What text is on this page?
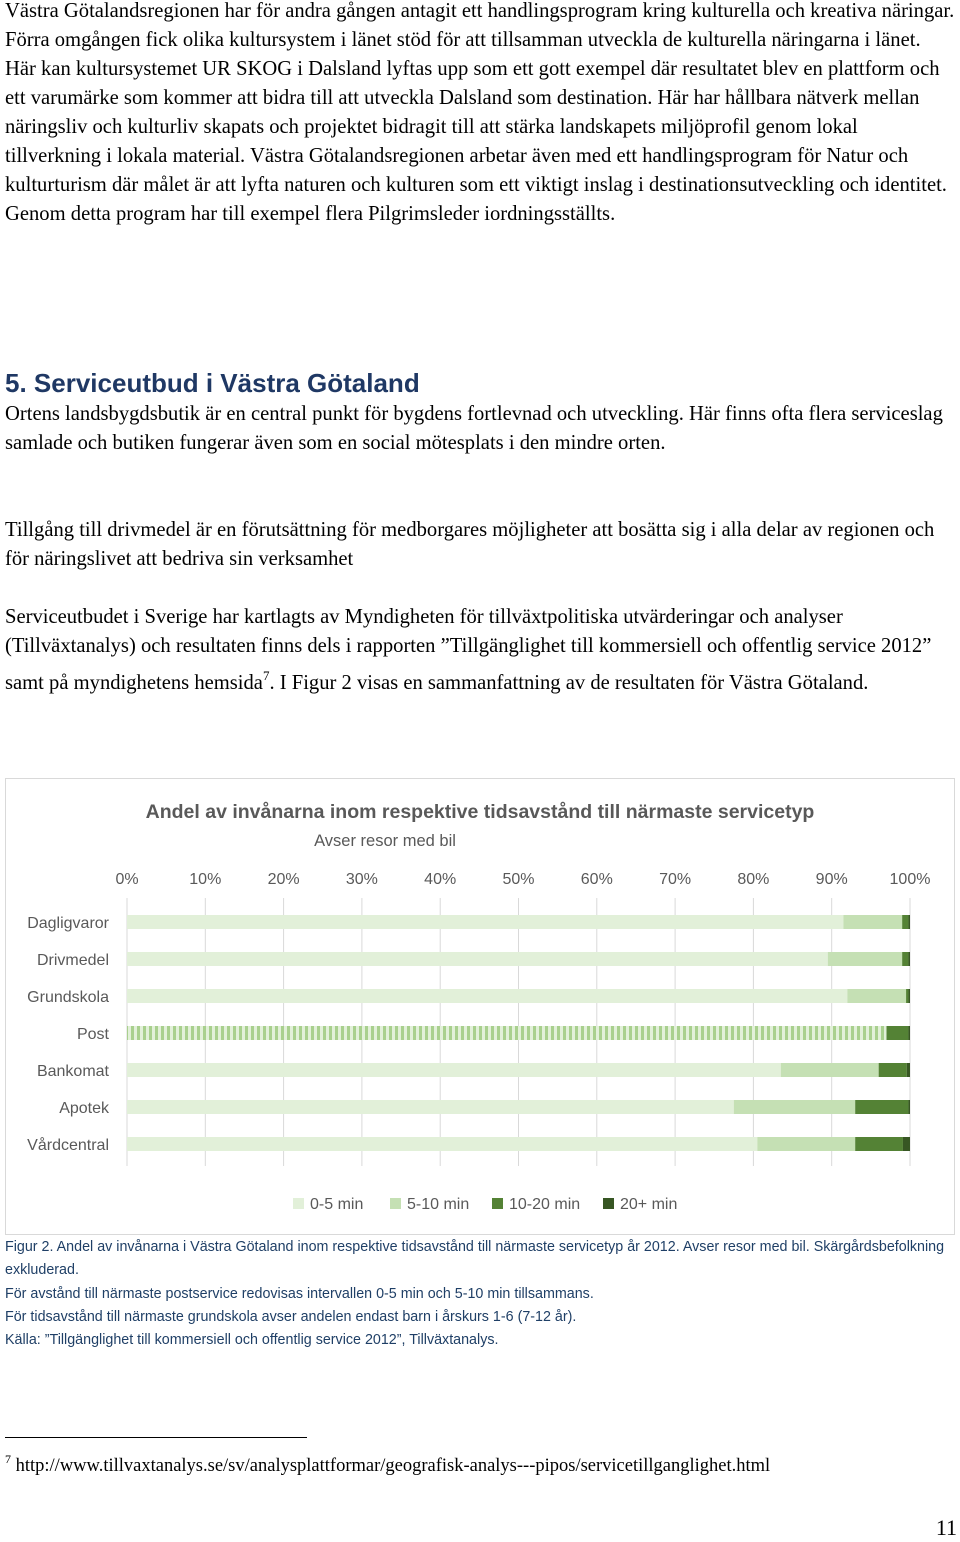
Västra Götalandsregionen har för andra gången antagit ett handlingsprogram kring kulturella och kreativa näringar. Förra omgången fick olika kultursystem i länet stöd för att tillsamman utveckla de kulturella näringarna i länet. Här kan kultursystemet UR SKOG i Dalsland lyftas upp som ett gott exempel där resultatet blev en plattform och ett varumärke som kommer att bidra till att utveckla Dalsland som destination. Här har hållbara nätverk mellan näringsliv och kulturliv skapats och projektet bidragit till att stärka landskapets miljöprofil genom lokal tillverkning i lokala material. Västra Götalandsregionen arbetar även med ett handlingsprogram för Natur och kulturturism där målet är att lyfta naturen och kulturen som ett viktigt inslag i destinationsutveckling och identitet. Genom detta program har till exempel flera Pilgrimsleder iordningsställts.

5. Serviceutbud i Västra Götaland

Ortens landsbygdsbutik är en central punkt för bygdens fortlevnad och utveckling. Här finns ofta flera serviceslag samlade och butiken fungerar även som en social mötesplats i den mindre orten.

Tillgång till drivmedel är en förutsättning för medborgares möjligheter att bosätta sig i alla delar av regionen och för näringslivet att bedriva sin verksamhet

Serviceutbudet i Sverige har kartlagts av Myndigheten för tillväxtpolitiska utvärderingar och analyser (Tillväxtanalys) och resultaten finns dels i rapporten ”Tillgänglighet till kommersiell och offentlig service 2012” samt på myndighetens hemsida$^7$. I Figur 2 visas en sammanfattning av de resultaten för Västra Götaland.

Andel av invånarna inom respektive tidsavstånd till närmaste servicetyp
Avser resor med bil
0%	10%	20%	30%	40%	50%	60%	70%	80%	90%	100%
Dagligvaror
Drivmedel
Grundskola
Post
Bankomat
Apotek
Vårdcentral
0-5 min	5-10 min 10-20 min 20+ min
Figur 2. Andel av invånarna i Västra Götaland inom respektive tidsavstånd till närmaste servicetyp år 2012. Avser resor med bil. Skärgårdsbefolkning exkluderad.
För avstånd till närmaste postservice redovisas intervallen 0-5 min och 5-10 min tillsammans.
För tidsavstånd till närmaste grundskola avser andelen endast barn i årskurs 1-6 (7-12 år).
Källa: ”Tillgänglighet till kommersiell och offentlig service 2012”, Tillväxtanalys.
$^7$ http://www.tillvaxtanalys.se/sv/analysplattformar/geografisk-analys---pipos/servicetillganglighet.html
11
